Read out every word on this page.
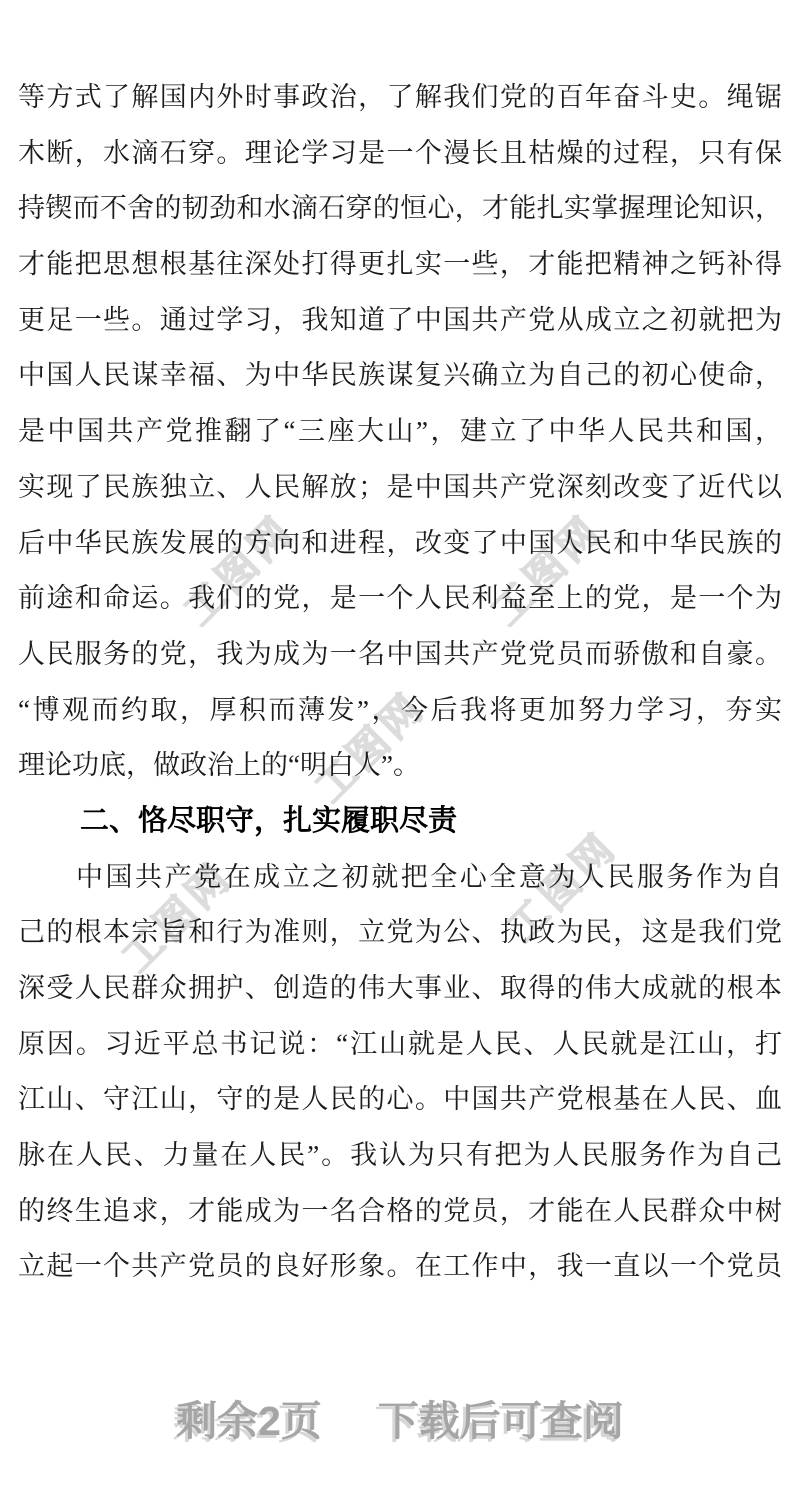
工图网	工图网
工图网
工图网	工图网
等方式了解国内外时事政治，了解我们党的百年奋斗史。绳锯
木断，水滴石穿。理论学习是一个漫长且枯燥的过程，只有保
持锲而不舍的韧劲和水滴石穿的恒心，才能扎实掌握理论知识，
才能把思想根基往深处打得更扎实一些，才能把精神之钙补得
更足一些。通过学习，我知道了中国共产党从成立之初就把为
中国人民谋幸福、为中华民族谋复兴确立为自己的初心使命，
是中国共产党推翻了“三座大山”，建立了中华人民共和国，
实现了民族独立、人民解放；是中国共产党深刻改变了近代以
后中华民族发展的方向和进程，改变了中国人民和中华民族的
前途和命运。我们的党，是一个人民利益至上的党，是一个为
人民服务的党，我为成为一名中国共产党党员而骄傲和自豪。
“博观而约取，厚积而薄发”，今后我将更加努力学习，夯实
理论功底，做政治上的“明白人”。
二、恪尽职守，扎实履职尽责
中国共产党在成立之初就把全心全意为人民服务作为自
己的根本宗旨和行为准则，立党为公、执政为民，这是我们党
深受人民群众拥护、创造的伟大事业、取得的伟大成就的根本
原因。习近平总书记说：“江山就是人民、人民就是江山，打
江山、守江山，守的是人民的心。中国共产党根基在人民、血
脉在人民、力量在人民”。我认为只有把为人民服务作为自己
的终生追求，才能成为一名合格的党员，才能在人民群众中树
立起一个共产党员的良好形象。在工作中，我一直以一个党员
剩余2页 下载后可查阅
